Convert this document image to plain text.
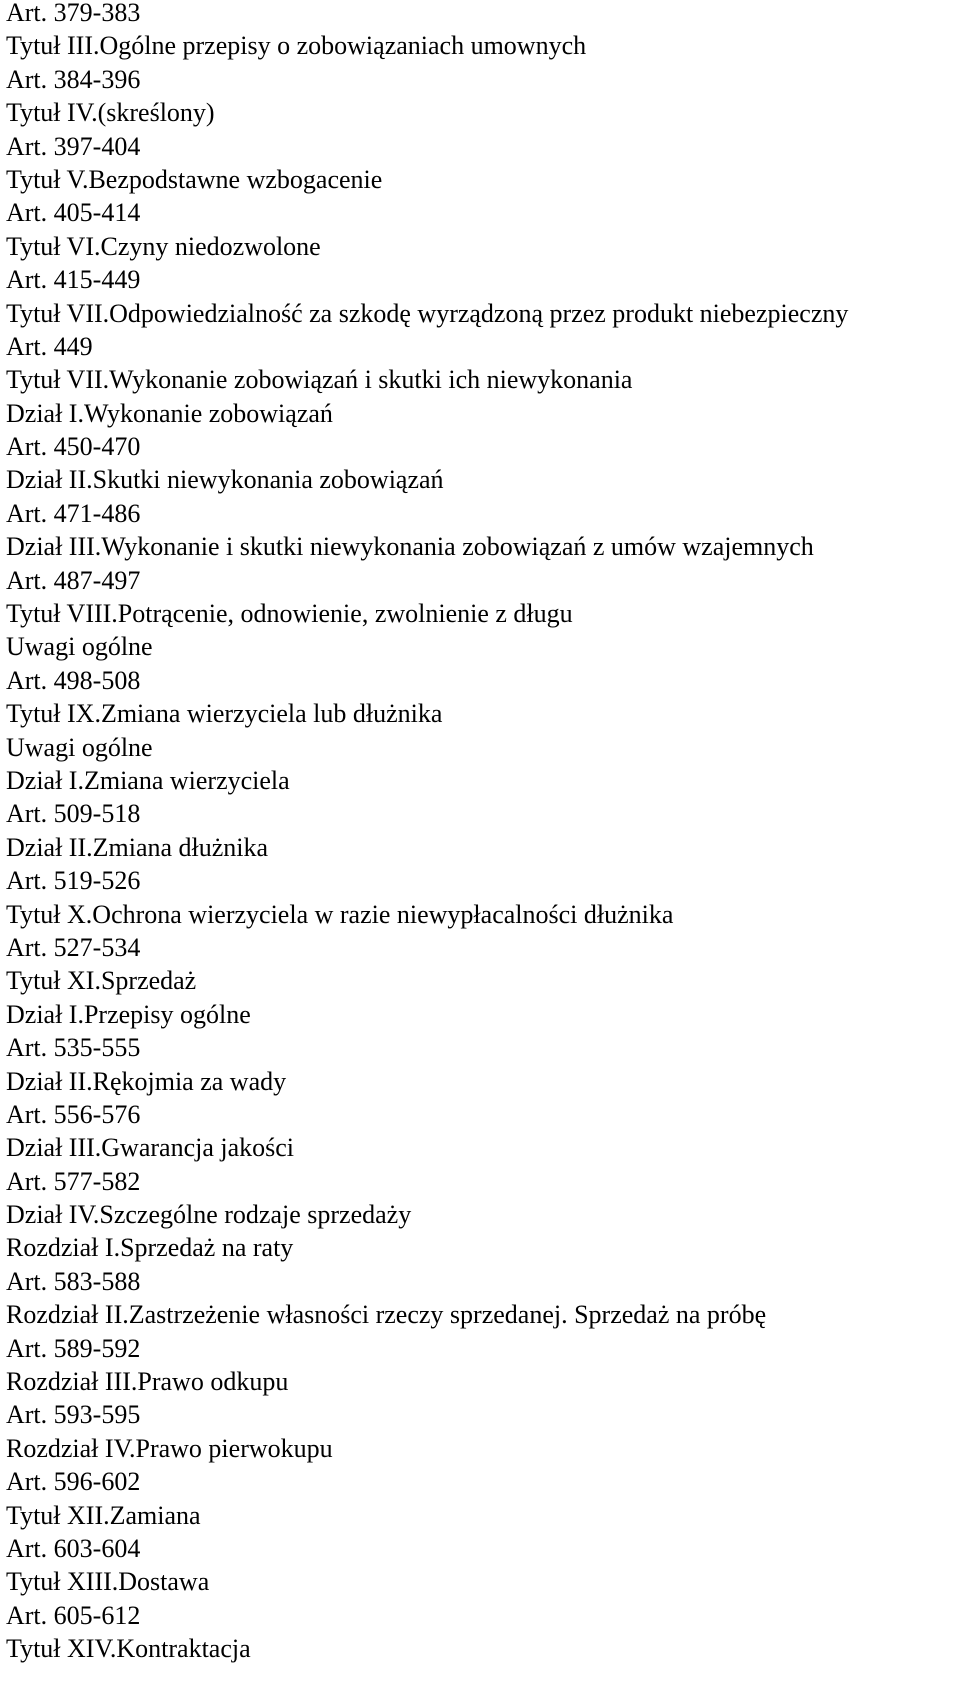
Art. 379-383
Tytuł III.Ogólne przepisy o zobowiązaniach umownych
Art. 384-396
Tytuł IV.(skreślony)
Art. 397-404
Tytuł V.Bezpodstawne wzbogacenie
Art. 405-414
Tytuł VI.Czyny niedozwolone
Art. 415-449
Tytuł VII.Odpowiedzialność za szkodę wyrządzoną przez produkt niebezpieczny
Art. 449
Tytuł VII.Wykonanie zobowiązań i skutki ich niewykonania
Dział I.Wykonanie zobowiązań
Art. 450-470
Dział II.Skutki niewykonania zobowiązań
Art. 471-486
Dział III.Wykonanie i skutki niewykonania zobowiązań z umów wzajemnych
Art. 487-497
Tytuł VIII.Potrącenie, odnowienie, zwolnienie z długu
Uwagi ogólne
Art. 498-508
Tytuł IX.Zmiana wierzyciela lub dłużnika
Uwagi ogólne
Dział I.Zmiana wierzyciela
Art. 509-518
Dział II.Zmiana dłużnika
Art. 519-526
Tytuł X.Ochrona wierzyciela w razie niewypłacalności dłużnika
Art. 527-534
Tytuł XI.Sprzedaż
Dział I.Przepisy ogólne
Art. 535-555
Dział II.Rękojmia za wady
Art. 556-576
Dział III.Gwarancja jakości
Art. 577-582
Dział IV.Szczególne rodzaje sprzedaży
Rozdział I.Sprzedaż na raty
Art. 583-588
Rozdział II.Zastrzeżenie własności rzeczy sprzedanej. Sprzedaż na próbę
Art. 589-592
Rozdział III.Prawo odkupu
Art. 593-595
Rozdział IV.Prawo pierwokupu
Art. 596-602
Tytuł XII.Zamiana
Art. 603-604
Tytuł XIII.Dostawa
Art. 605-612
Tytuł XIV.Kontraktacja
